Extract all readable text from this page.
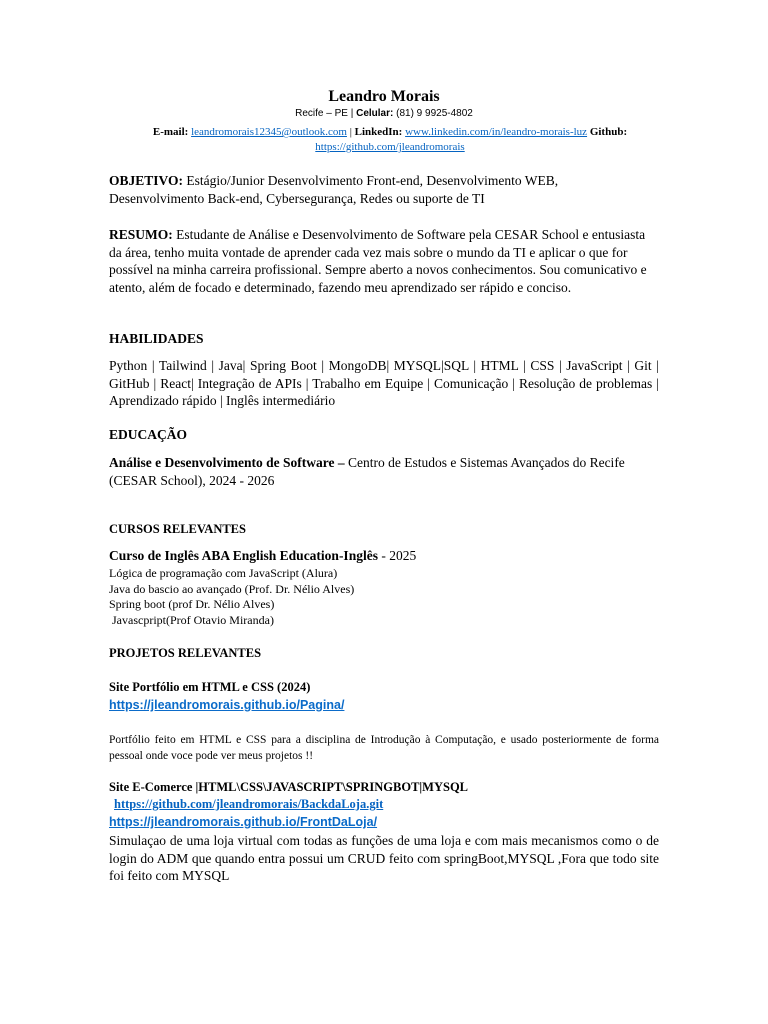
Leandro Morais
Recife – PE | Celular: (81) 9 9925-4802
E-mail: leandromorais12345@outlook.com | LinkedIn: www.linkedin.com/in/leandro-morais-luz Github: https://github.com/jleandromorais
OBJETIVO: Estágio/Junior Desenvolvimento Front-end, Desenvolvimento WEB, Desenvolvimento Back-end, Cybersegurança, Redes ou suporte de TI
RESUMO: Estudante de Análise e Desenvolvimento de Software pela CESAR School e entusiasta da área, tenho muita vontade de aprender cada vez mais sobre o mundo da TI e aplicar o que for possível na minha carreira profissional. Sempre aberto a novos conhecimentos. Sou comunicativo e atento, além de focado e determinado, fazendo meu aprendizado ser rápido e conciso.
HABILIDADES
Python | Tailwind | Java| Spring Boot | MongoDB| MYSQL|SQL | HTML | CSS | JavaScript | Git | GitHub | React| Integração de APIs | Trabalho em Equipe | Comunicação | Resolução de problemas | Aprendizado rápido | Inglês intermediário
EDUCAÇÃO
Análise e Desenvolvimento de Software – Centro de Estudos e Sistemas Avançados do Recife (CESAR School), 2024 - 2026
CURSOS RELEVANTES
Curso de Inglês ABA English Education-Inglês - 2025
Lógica de programação com JavaScript (Alura)
Java do bascio ao avançado (Prof. Dr. Nélio Alves)
Spring boot (prof Dr. Nélio Alves)
Javascpript(Prof Otavio Miranda)
PROJETOS RELEVANTES
Site Portfólio em HTML e CSS (2024)
https://jleandromorais.github.io/Pagina/
Portfólio feito em HTML e CSS para a disciplina de Introdução à Computação, e usado posteriormente de forma pessoal onde voce pode ver meus projetos !!
Site E-Comerce |HTML\CSS\JAVASCRIPT\SPRINGBOT|MYSQL
https://github.com/jleandromorais/BackdaLoja.git
https://jleandromorais.github.io/FrontDaLoja/
Simulaçao de uma loja virtual com todas as funções de uma loja e com mais mecanismos como o de login do ADM que quando entra possui um CRUD feito com springBoot,MYSQL ,Fora que todo site foi feito com MYSQL
